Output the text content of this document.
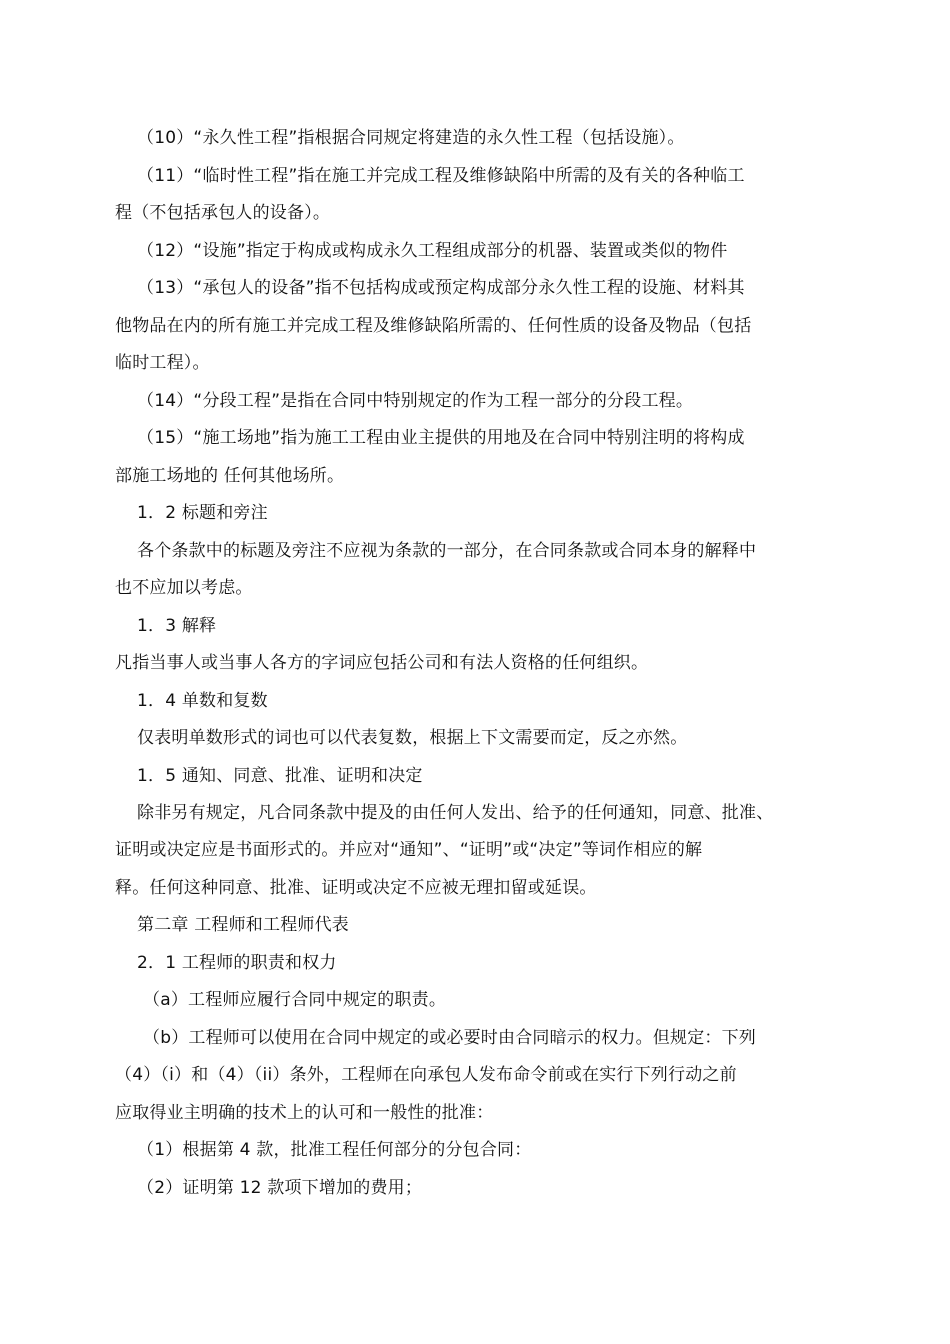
（10）“永久性工程”指根据合同规定将建造的永久性工程（包括设施）。
（11）“临时性工程”指在施工并完成工程及维修缺陷中所需的及有关的各种临工
程（不包括承包人的设备）。
（12）“设施”指定于构成或构成永久工程组成部分的机器、装置或类似的物件
（13）“承包人的设备”指不包括构成或预定构成部分永久性工程的设施、材料其
他物品在内的所有施工并完成工程及维修缺陷所需的、任何性质的设备及物品（包括
临时工程）。
（14）“分段工程”是指在合同中特别规定的作为工程一部分的分段工程。
（15）“施工场地”指为施工工程由业主提供的用地及在合同中特别注明的将构成
部施工场地的 任何其他场所。
1．2 标题和旁注
各个条款中的标题及旁注不应视为条款的一部分，在合同条款或合同本身的解释中
也不应加以考虑。
1．3 解释
凡指当事人或当事人各方的字词应包括公司和有法人资格的任何组织。
1．4 单数和复数
仅表明单数形式的词也可以代表复数，根据上下文需要而定，反之亦然。
1．5 通知、同意、批准、证明和决定
除非另有规定，凡合同条款中提及的由任何人发出、给予的任何通知，同意、批准、
证明或决定应是书面形式的。并应对“通知”、“证明”或“决定”等词作相应的解
释。任何这种同意、批准、证明或决定不应被无理扣留或延误。
第二章 工程师和工程师代表
2．1 工程师的职责和权力
（a）工程师应履行合同中规定的职责。
（b）工程师可以使用在合同中规定的或必要时由合同暗示的权力。但规定：下列
（4）（i）和（4）（ii）条外，工程师在向承包人发布命令前或在实行下列行动之前
应取得业主明确的技术上的认可和一般性的批准：
（1）根据第 4 款，批准工程任何部分的分包合同：
（2）证明第 12 款项下增加的费用；
